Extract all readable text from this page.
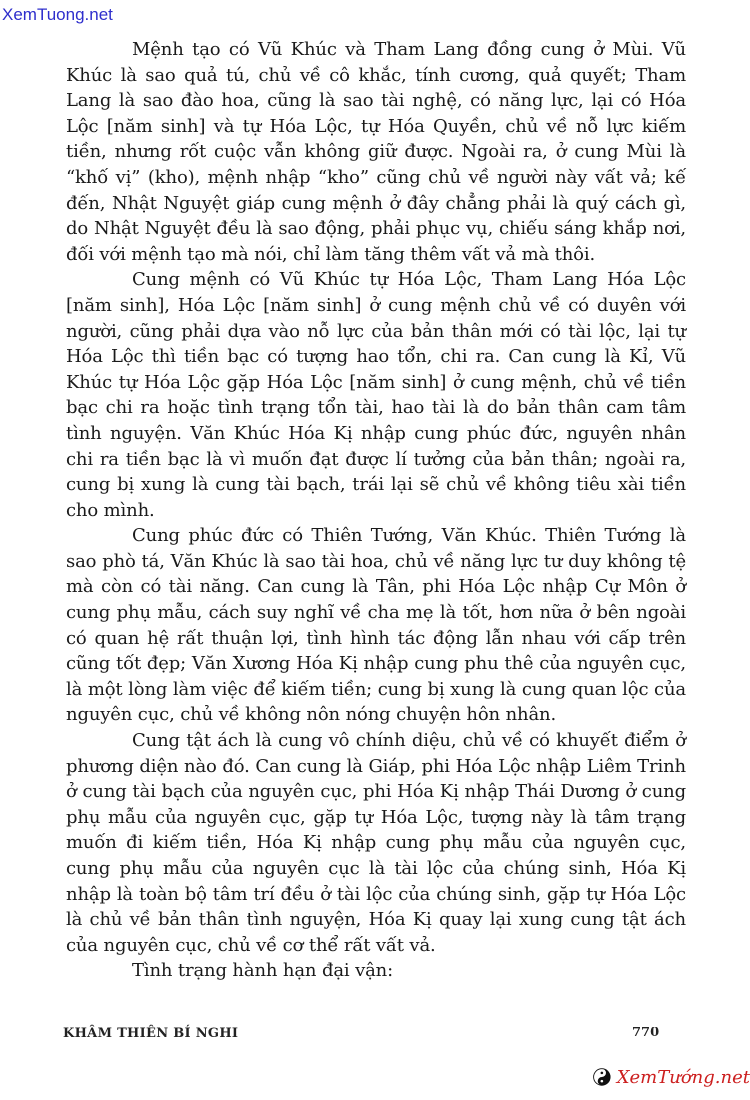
XemTuong.net

Mệnh tạo có Vũ Khúc và Tham Lang đồng cung ở Mùi. Vũ Khúc là sao quả tú, chủ về cô khắc, tính cương, quả quyết; Tham Lang là sao đào hoa, cũng là sao tài nghệ, có năng lực, lại có Hóa Lộc [năm sinh] và tự Hóa Lộc, tự Hóa Quyền, chủ về nỗ lực kiếm tiền, nhưng rốt cuộc vẫn không giữ được. Ngoài ra, ở cung Mùi là “khố vị” (kho), mệnh nhập “kho” cũng chủ về người này vất vả; kế đến, Nhật Nguyệt giáp cung mệnh ở đây chẳng phải là quý cách gì, do Nhật Nguyệt đều là sao động, phải phục vụ, chiếu sáng khắp nơi, đối với mệnh tạo mà nói, chỉ làm tăng thêm vất vả mà thôi.

Cung mệnh có Vũ Khúc tự Hóa Lộc, Tham Lang Hóa Lộc [năm sinh], Hóa Lộc [năm sinh] ở cung mệnh chủ về có duyên với người, cũng phải dựa vào nỗ lực của bản thân mới có tài lộc, lại tự Hóa Lộc thì tiền bạc có tượng hao tổn, chi ra. Can cung là Kỉ, Vũ Khúc tự Hóa Lộc gặp Hóa Lộc [năm sinh] ở cung mệnh, chủ về tiền bạc chi ra hoặc tình trạng tổn tài, hao tài là do bản thân cam tâm tình nguyện. Văn Khúc Hóa Kị nhập cung phúc đức, nguyên nhân chi ra tiền bạc là vì muốn đạt được lí tưởng của bản thân; ngoài ra, cung bị xung là cung tài bạch, trái lại sẽ chủ về không tiêu xài tiền cho mình.

Cung phúc đức có Thiên Tướng, Văn Khúc. Thiên Tướng là sao phò tá, Văn Khúc là sao tài hoa, chủ về năng lực tư duy không tệ mà còn có tài năng. Can cung là Tân, phi Hóa Lộc nhập Cự Môn ở cung phụ mẫu, cách suy nghĩ về cha mẹ là tốt, hơn nữa ở bên ngoài có quan hệ rất thuận lợi, tình hình tác động lẫn nhau với cấp trên cũng tốt đẹp; Văn Xương Hóa Kị nhập cung phu thê của nguyên cục, là một lòng làm việc để kiếm tiền; cung bị xung là cung quan lộc của nguyên cục, chủ về không nôn nóng chuyện hôn nhân.

Cung tật ách là cung vô chính diệu, chủ về có khuyết điểm ở phương diện nào đó. Can cung là Giáp, phi Hóa Lộc nhập Liêm Trinh ở cung tài bạch của nguyên cục, phi Hóa Kị nhập Thái Dương ở cung phụ mẫu của nguyên cục, gặp tự Hóa Lộc, tượng này là tâm trạng muốn đi kiếm tiền, Hóa Kị nhập cung phụ mẫu của nguyên cục, cung phụ mẫu của nguyên cục là tài lộc của chúng sinh, Hóa Kị nhập là toàn bộ tâm trí đều ở tài lộc của chúng sinh, gặp tự Hóa Lộc là chủ về bản thân tình nguyện, Hóa Kị quay lại xung cung tật ách của nguyên cục, chủ về cơ thể rất vất vả.

Tình trạng hành hạn đại vận:

KHÂM THIÊN BÍ NGHI	770
XemTướng.net
